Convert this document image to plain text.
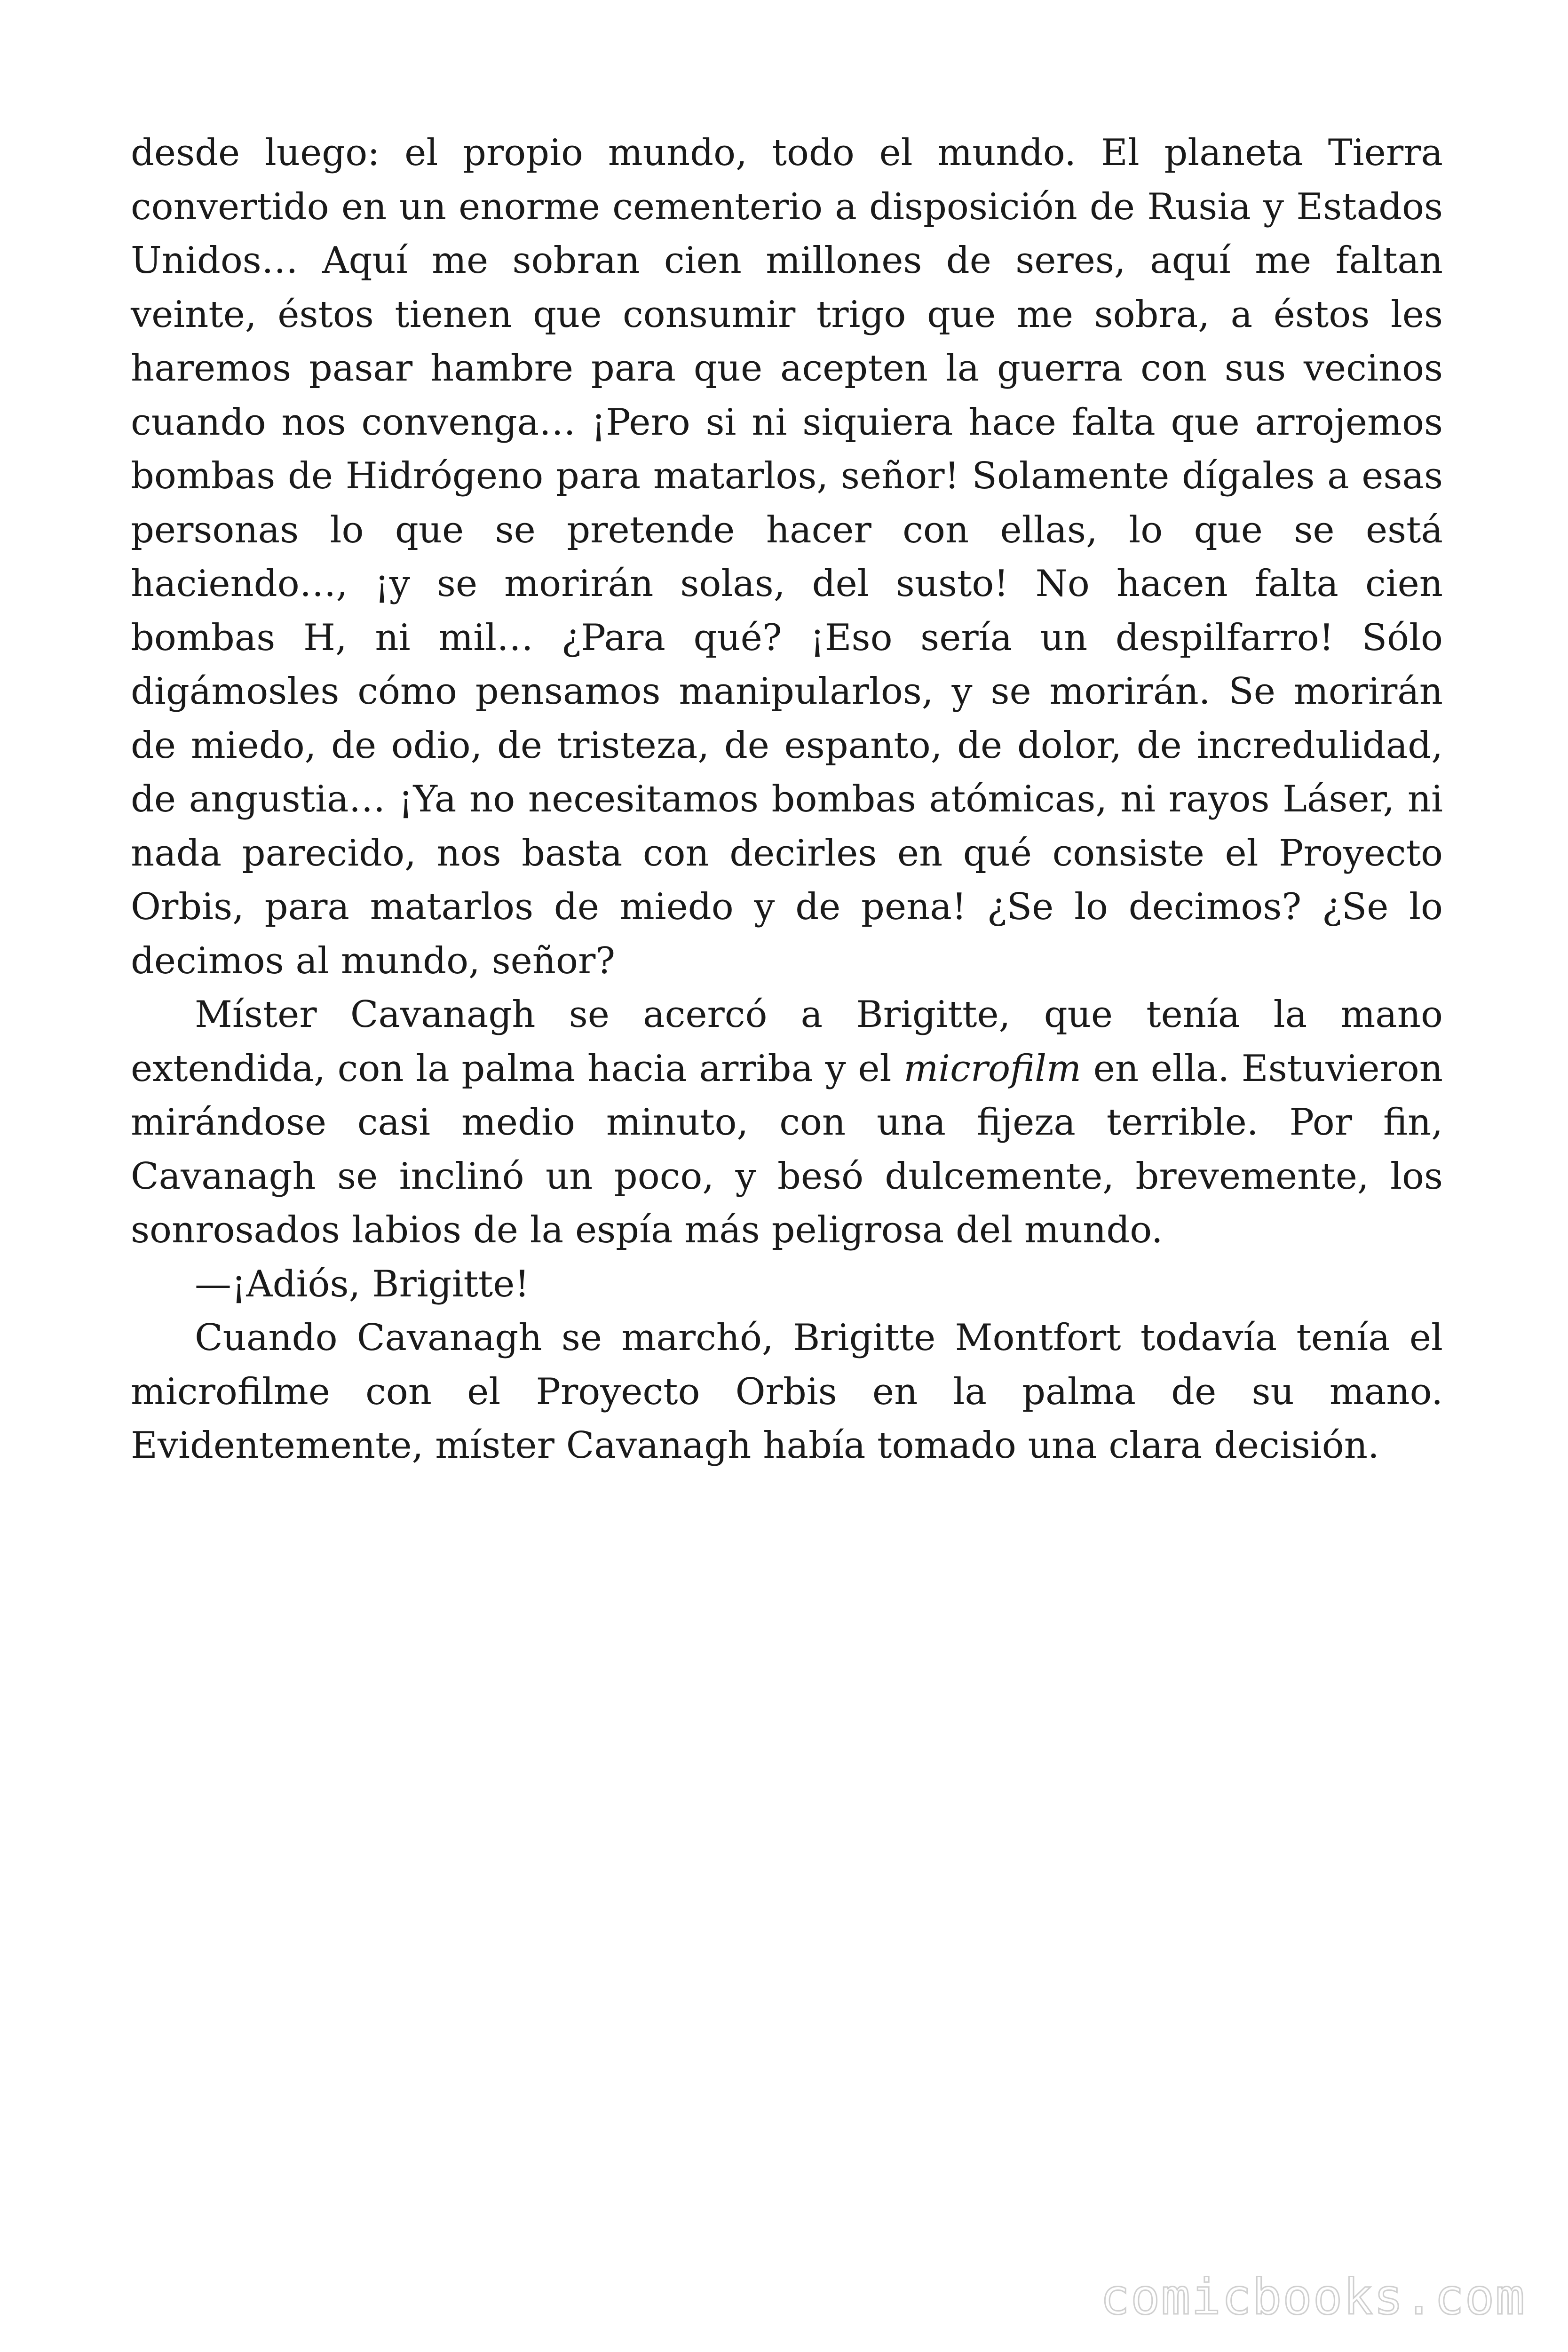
desde luego: el propio mundo, todo el mundo. El planeta Tierra convertido en un enorme cementerio a disposición de Rusia y Estados Unidos… Aquí me sobran cien millones de seres, aquí me faltan veinte, éstos tienen que consumir trigo que me sobra, a éstos les haremos pasar hambre para que acepten la guerra con sus vecinos cuando nos convenga… ¡Pero si ni siquiera hace falta que arrojemos bombas de Hidrógeno para matarlos, señor! Solamente dígales a esas personas lo que se pretende hacer con ellas, lo que se está haciendo…, ¡y se morirán solas, del susto! No hacen falta cien bombas H, ni mil… ¿Para qué? ¡Eso sería un despilfarro! Sólo digámosles cómo pensamos manipularlos, y se morirán. Se morirán de miedo, de odio, de tristeza, de espanto, de dolor, de incredulidad, de angustia… ¡Ya no necesitamos bombas atómicas, ni rayos Láser, ni nada parecido, nos basta con decirles en qué consiste el Proyecto Orbis, para matarlos de miedo y de pena! ¿Se lo decimos? ¿Se lo decimos al mundo, señor?

Míster Cavanagh se acercó a Brigitte, que tenía la mano extendida, con la palma hacia arriba y el microfilm en ella. Estuvieron mirándose casi medio minuto, con una fijeza terrible. Por fin, Cavanagh se inclinó un poco, y besó dulcemente, brevemente, los sonrosados labios de la espía más peligrosa del mundo.

—¡Adiós, Brigitte!

Cuando Cavanagh se marchó, Brigitte Montfort todavía tenía el microfilme con el Proyecto Orbis en la palma de su mano. Evidentemente, míster Cavanagh había tomado una clara decisión.

comicbooks.com
